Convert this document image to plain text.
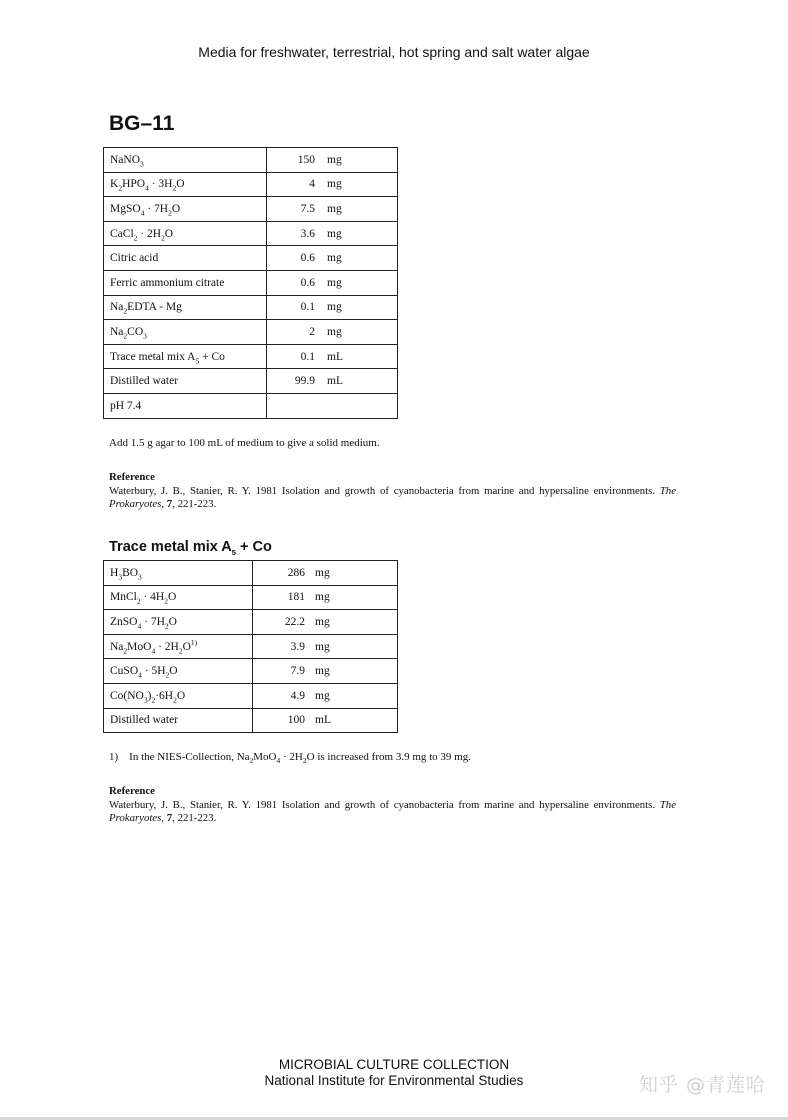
Media for freshwater, terrestrial, hot spring and salt water algae
BG–11
NaNO$_3$	150 mg
$K_2HPO_4 \cdot 3H_2O$	4 mg
MgSO$_4$ · $7H_2O$	7.5 mg
CaCl$_2$ · $2H_2O$	3.6 mg
Citric acid	0.6 mg
Ferric ammonium citrate	0.6 mg
$Na_2EDTA$ - Mg	0.1 mg
$Na_2CO_3$	2 mg
Trace metal mix $A_5 + Co$	0.1 mL
Distilled water	99.9 mL
pH 7.4	
Add 1.5 g agar to 100 mL of medium to give a solid medium.
Reference
Waterbury, J. B., Stanier, R. Y. 1981 Isolation and growth of cyanobacteria from marine and hypersaline environments. The Prokaryotes, 7, 221-223.
Trace metal mix $A_5 + Co$
$H_3BO_3$	286 mg
MnCl$_2$ · $4H_2O$	181 mg
ZnSO$_4$ · $7H_2O$	22.2 mg
$Na_2MoO_4 \cdot 2H_2O^{1)}$	3.9 mg
CuSO$_4$ · $5H_2O$	7.9 mg
$Co(NO_3)_2\cdot 6H_2O$	4.9 mg
Distilled water	100 mL
1)    In the NIES-Collection, $Na_2MoO_4 \cdot 2H_2O$ is increased from 3.9 mg to 39 mg.
Reference
Waterbury, J. B., Stanier, R. Y. 1981 Isolation and growth of cyanobacteria from marine and hypersaline environments. The Prokaryotes, 7, 221-223.
MICROBIAL CULTURE COLLECTION
National Institute for Environmental Studies	知乎 @青莲哈
